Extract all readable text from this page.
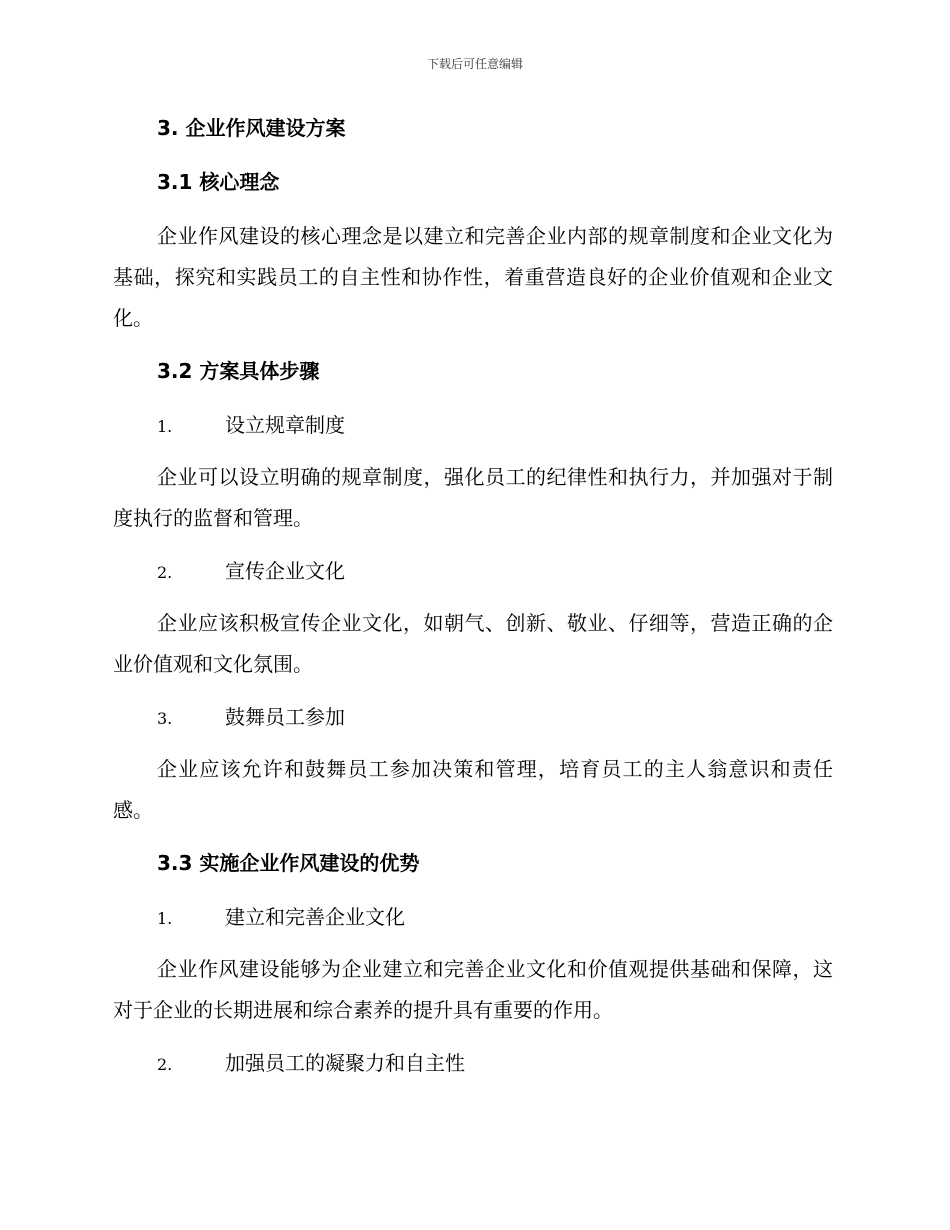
下载后可任意编辑
3. 企业作风建设方案
3.1 核心理念

企业作风建设的核心理念是以建立和完善企业内部的规章制度和企业文化为基础，探究和实践员工的自主性和协作性，着重营造良好的企业价值观和企业文化。

3.2 方案具体步骤
1.	设立规章制度

企业可以设立明确的规章制度，强化员工的纪律性和执行力，并加强对于制度执行的监督和管理。

2.	宣传企业文化

企业应该积极宣传企业文化，如朝气、创新、敬业、仔细等，营造正确的企业价值观和文化氛围。

3.	鼓舞员工参加

企业应该允许和鼓舞员工参加决策和管理，培育员工的主人翁意识和责任感。

3.3 实施企业作风建设的优势
1.	建立和完善企业文化

企业作风建设能够为企业建立和完善企业文化和价值观提供基础和保障，这对于企业的长期进展和综合素养的提升具有重要的作用。

2.	加强员工的凝聚力和自主性
